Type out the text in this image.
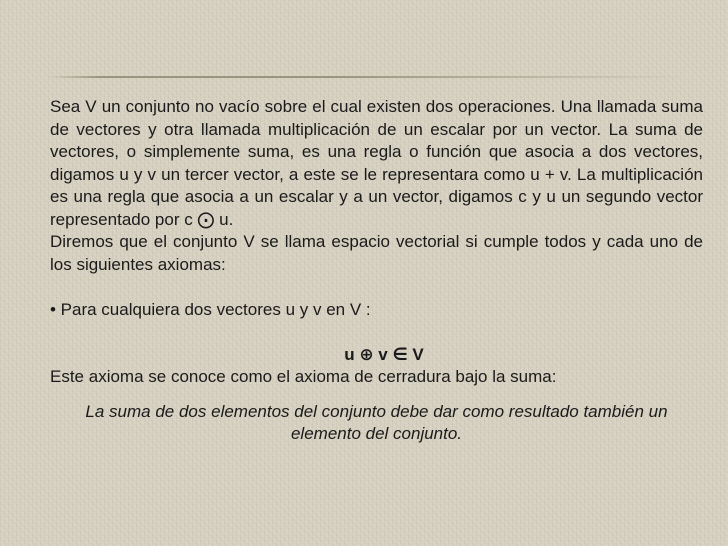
Sea V un conjunto no vacío sobre el cual existen dos operaciones. Una llamada suma de vectores y otra llamada multiplicación de un escalar por un vector. La suma de vectores, o simplemente suma, es una regla o función que asocia a dos vectores, digamos u y v un tercer vector, a este se le representara como u + v. La multiplicación es una regla que asocia a un escalar y a un vector, digamos c y u un segundo vector representado por c ⨀ u.

Diremos que el conjunto V se llama espacio vectorial si cumple todos y cada uno de los siguientes axiomas:

• Para cualquiera dos vectores u y v en V :

u ⊕ v ∈ V

Este axioma se conoce como el axioma de cerradura bajo la suma:

La suma de dos elementos del conjunto debe dar como resultado también un elemento del conjunto.
